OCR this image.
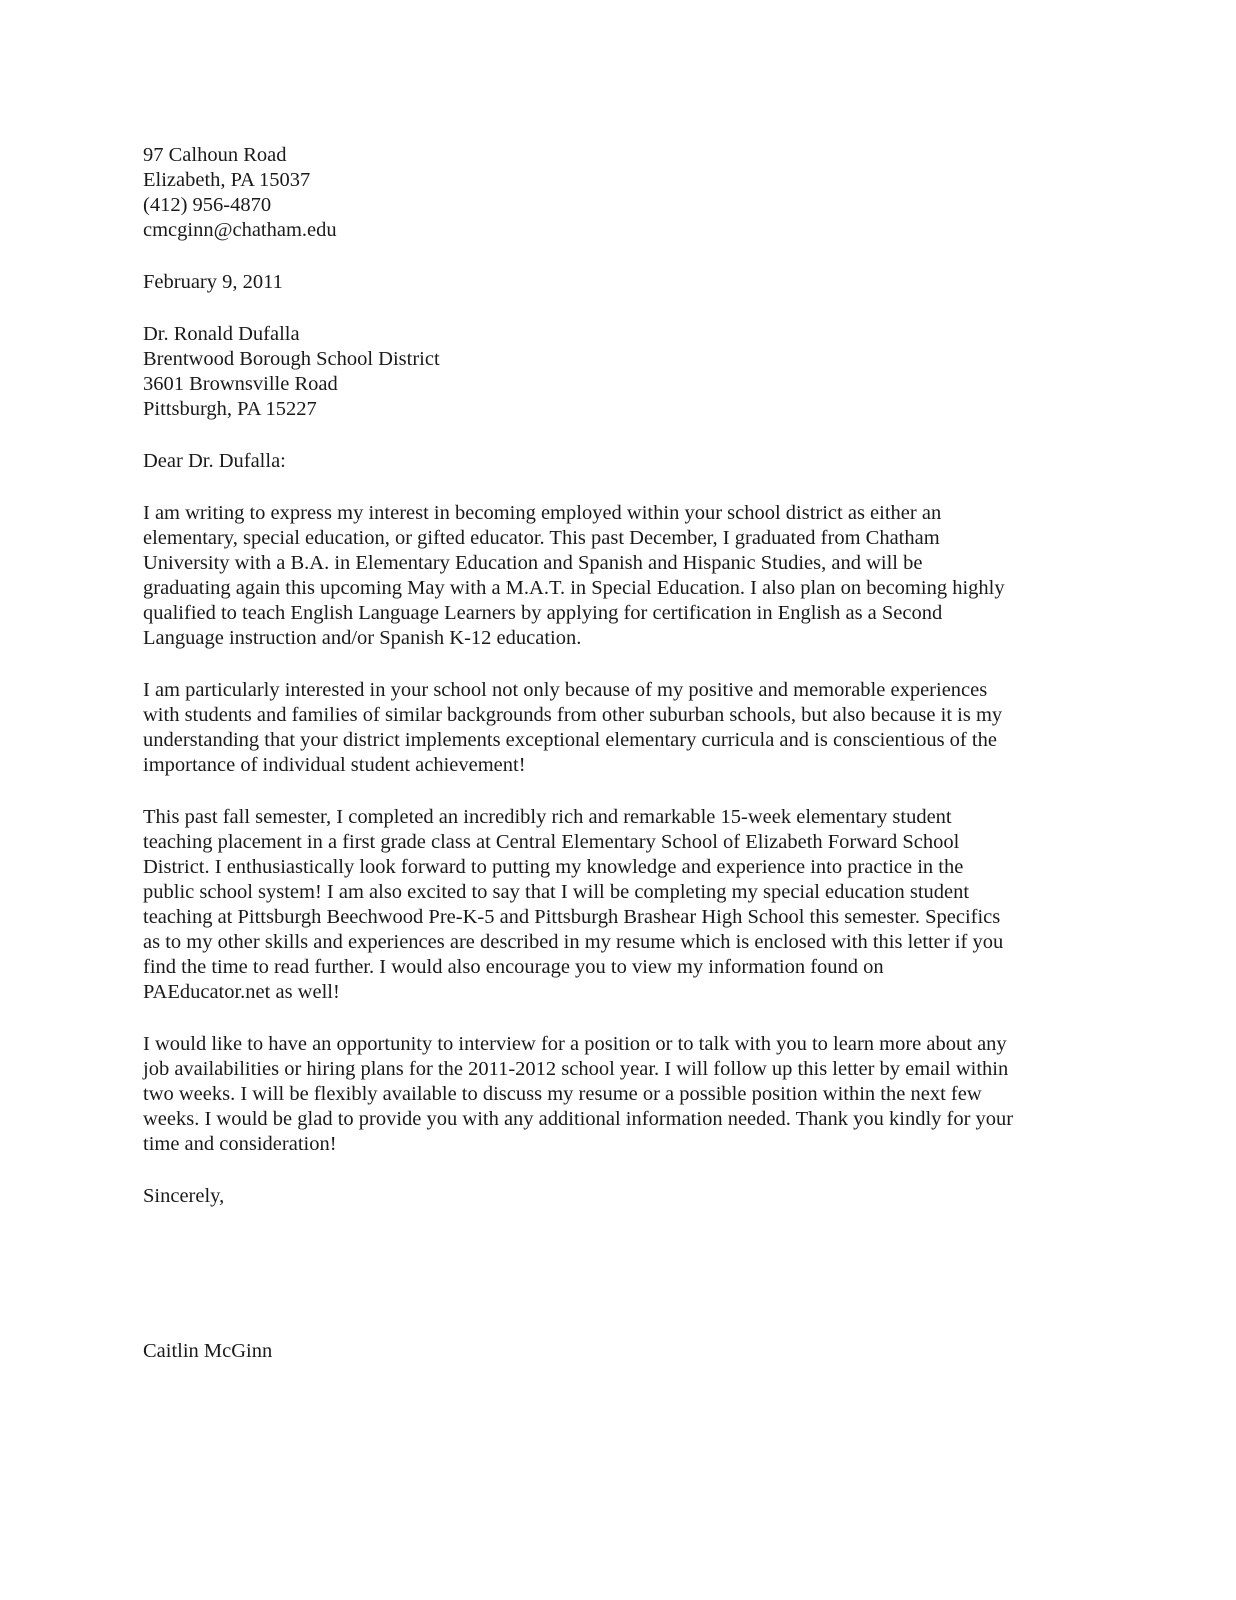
97 Calhoun Road
Elizabeth, PA 15037
(412) 956-4870
cmcginn@chatham.edu
February 9, 2011
Dr. Ronald Dufalla
Brentwood Borough School District
3601 Brownsville Road
Pittsburgh, PA 15227
Dear Dr. Dufalla:
I am writing to express my interest in becoming employed within your school district as either an
elementary, special education, or gifted educator. This past December, I graduated from Chatham
University with a B.A. in Elementary Education and Spanish and Hispanic Studies, and will be
graduating again this upcoming May with a M.A.T. in Special Education. I also plan on becoming highly
qualified to teach English Language Learners by applying for certification in English as a Second
Language instruction and/or Spanish K-12 education.
I am particularly interested in your school not only because of my positive and memorable experiences
with students and families of similar backgrounds from other suburban schools, but also because it is my
understanding that your district implements exceptional elementary curricula and is conscientious of the
importance of individual student achievement!
This past fall semester, I completed an incredibly rich and remarkable 15-week elementary student
teaching placement in a first grade class at Central Elementary School of Elizabeth Forward School
District. I enthusiastically look forward to putting my knowledge and experience into practice in the
public school system! I am also excited to say that I will be completing my special education student
teaching at Pittsburgh Beechwood Pre-K-5 and Pittsburgh Brashear High School this semester. Specifics
as to my other skills and experiences are described in my resume which is enclosed with this letter if you
find the time to read further. I would also encourage you to view my information found on
PAEducator.net as well!
I would like to have an opportunity to interview for a position or to talk with you to learn more about any
job availabilities or hiring plans for the 2011-2012 school year. I will follow up this letter by email within
two weeks. I will be flexibly available to discuss my resume or a possible position within the next few
weeks. I would be glad to provide you with any additional information needed. Thank you kindly for your
time and consideration!
Sincerely,
Caitlin McGinn
